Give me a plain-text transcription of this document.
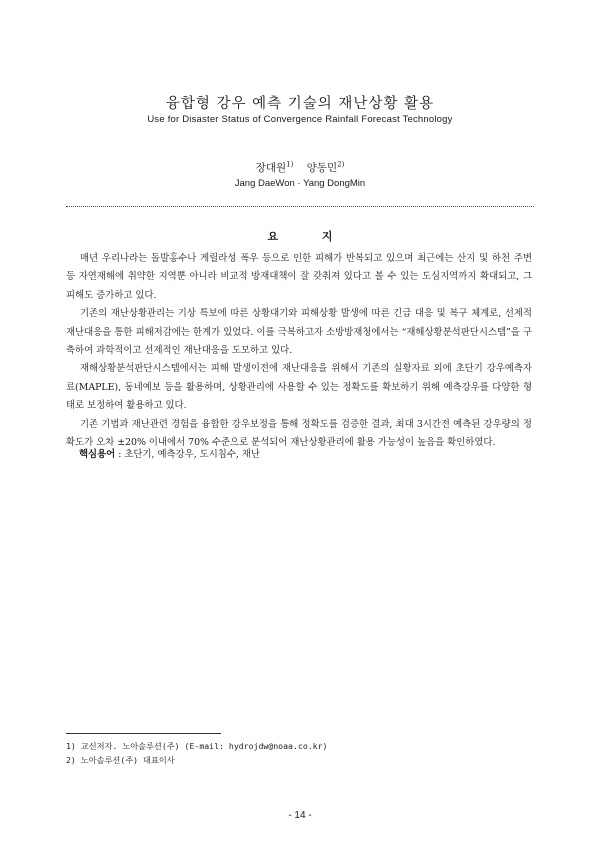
융합형 강우 예측 기술의 재난상황 활용
Use for Disaster Status of Convergence Rainfall Forecast Technology
장대원$^{1)}$ 양동민$^{2)}$
Jang DaeWon · Yang DongMin
요 지

매년 우리나라는 돌발홍수나 게릴라성 폭우 등으로 인한 피해가 반복되고 있으며 최근에는 산지 및 하천 주변 등 자연재해에 취약한 지역뿐 아니라 비교적 방재대책이 잘 갖춰져 있다고 볼 수 있는 도심지역까지 확대되고, 그 피해도 증가하고 있다.

기존의 재난상황관리는 기상 특보에 따른 상황대기와 피해상황 발생에 따른 긴급 대응 및 복구 체계로, 선제적 재난대응을 통한 피해저감에는 한계가 있었다. 이를 극복하고자 소방방재청에서는 “재해상황분석판단시스템”을 구축하여 과학적이고 선제적인 재난대응을 도모하고 있다.

재해상황분석판단시스템에서는 피해 발생이전에 재난대응을 위해서 기존의 실황자료 외에 초단기 강우예측자료(MAPLE), 동네예보 등을 활용하며, 상황관리에 사용할 수 있는 정확도를 확보하기 위해 예측강우를 다양한 형태로 보정하여 활용하고 있다.

기존 기법과 재난관련 경험을 융합한 강우보정을 통해 정확도를 검증한 결과, 최대 3시간전 예측된 강우량의 정확도가 오차 ±20% 이내에서 70% 수준으로 분석되어 재난상황관리에 활용 가능성이 높음을 확인하였다.

핵심용어 : 초단기, 예측강우, 도시침수, 재난
1) 교신저자. 노아솔루션(주) (E-mail: hydrojdw@noaa.co.kr)
2) 노아솔루션(주) 대표이사
- 14 -
